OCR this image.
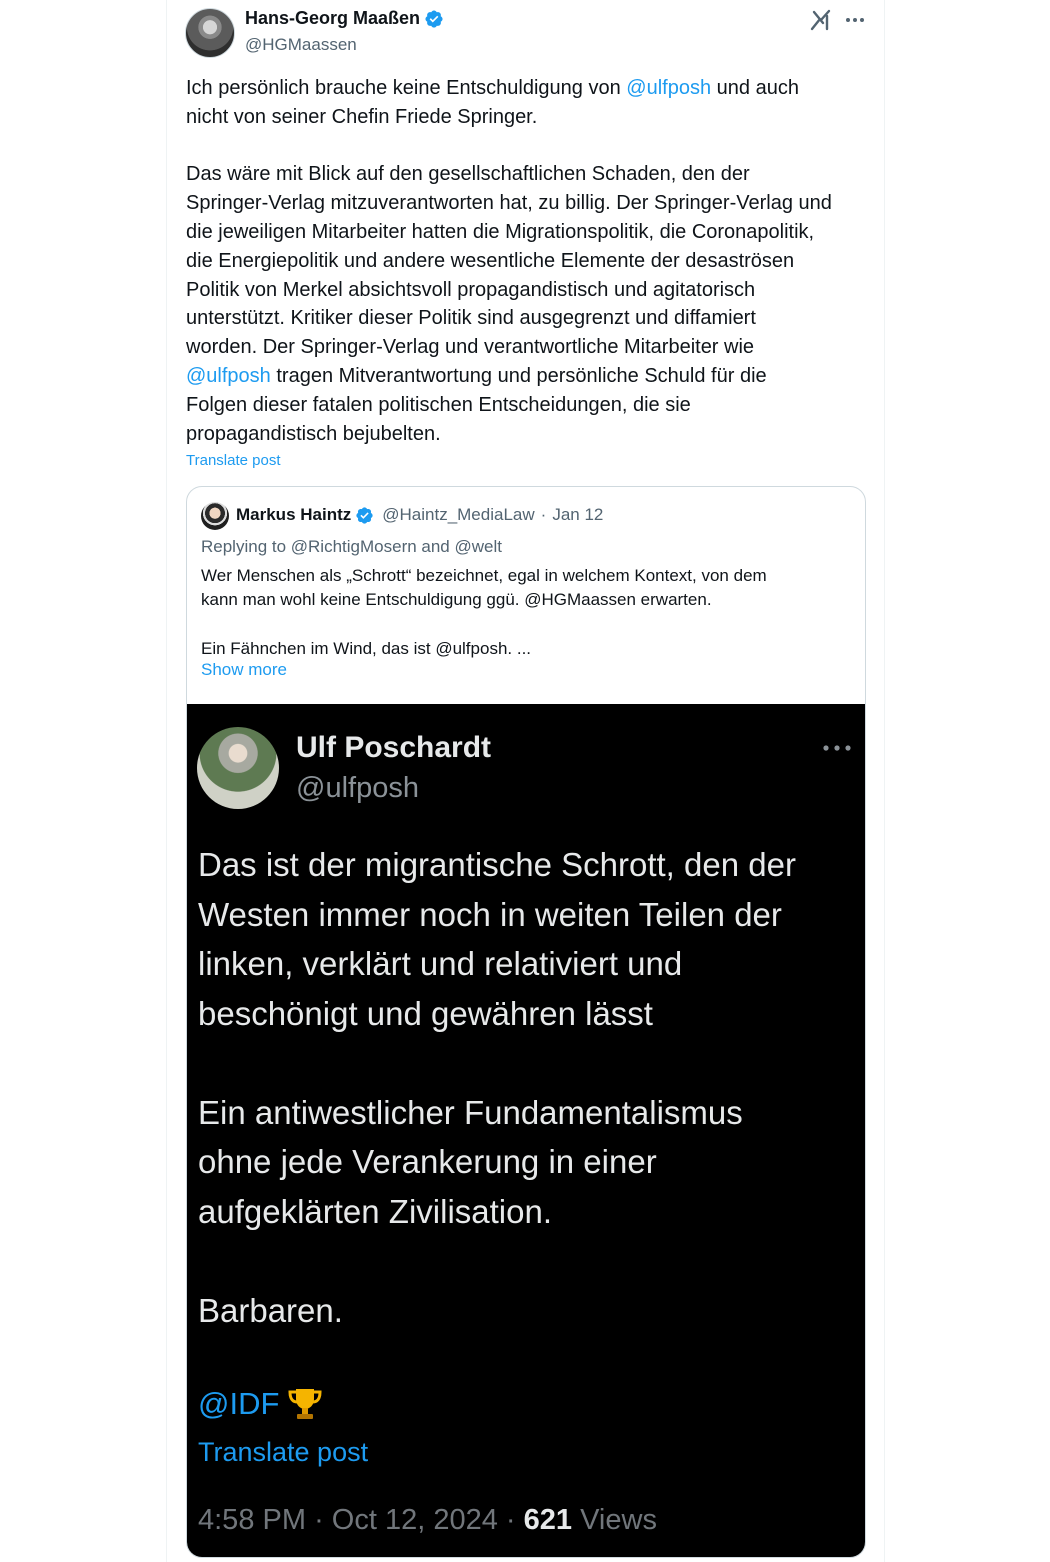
Hans-Georg Maaßen
@HGMaassen
Ich persönlich brauche keine Entschuldigung von @ulfposh und auch
nicht von seiner Chefin Friede Springer.

Das wäre mit Blick auf den gesellschaftlichen Schaden, den der
Springer-Verlag mitzuverantworten hat, zu billig. Der Springer-Verlag und
die jeweiligen Mitarbeiter hatten die Migrationspolitik, die Coronapolitik,
die Energiepolitik und andere wesentliche Elemente der desaströsen
Politik von Merkel absichtsvoll propagandistisch und agitatorisch
unterstützt. Kritiker dieser Politik sind ausgegrenzt und diffamiert
worden. Der Springer-Verlag und verantwortliche Mitarbeiter wie
@ulfposh tragen Mitverantwortung und persönliche Schuld für die
Folgen dieser fatalen politischen Entscheidungen, die sie
propagandistisch bejubelten.
Translate post
Markus Haintz @Haintz_MediaLaw · Jan 12
Replying to @RichtigMosern and @welt
Wer Menschen als „Schrott“ bezeichnet, egal in welchem Kontext, von dem
kann man wohl keine Entschuldigung ggü. @HGMaassen erwarten.

Ein Fähnchen im Wind, das ist @ulfposh. ...
Show more
Ulf Poschardt
@ulfposh
Das ist der migrantische Schrott, den der
Westen immer noch in weiten Teilen der
linken, verklärt und relativiert und
beschönigt und gewähren lässt

Ein antiwestlicher Fundamentalismus
ohne jede Verankerung in einer
aufgeklärten Zivilisation.

Barbaren.
@IDF
Translate post
4:58 PM · Oct 12, 2024 · 621 Views
